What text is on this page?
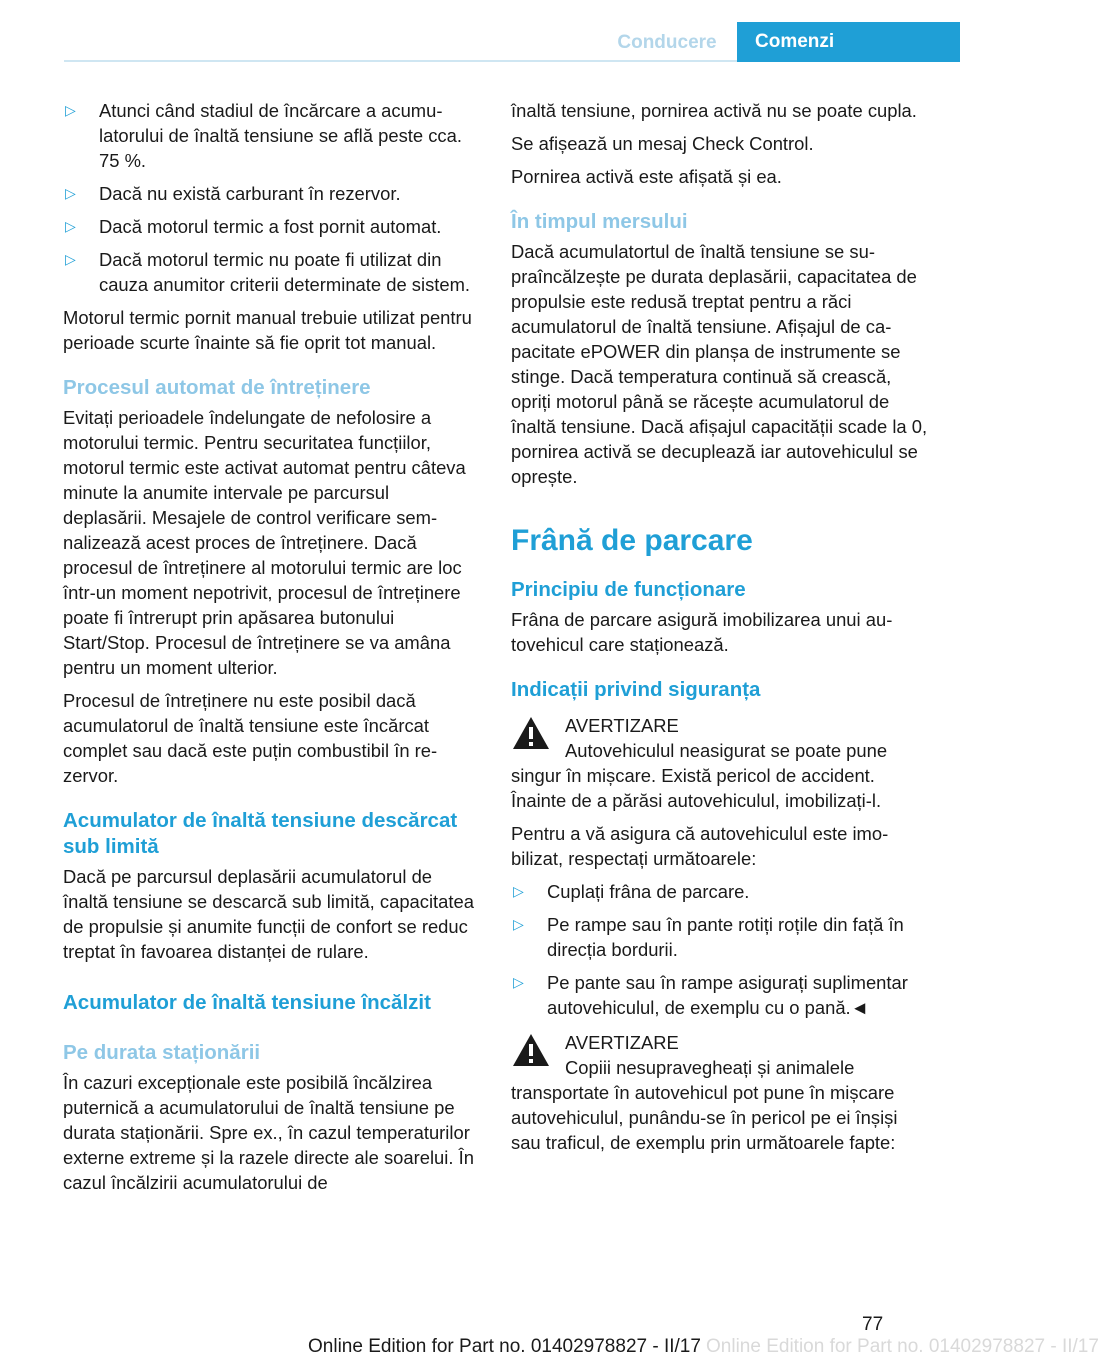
Conducere	Comenzi
▷	Atunci când stadiul de încărcare a acumulatorului de înaltă tensiune se află peste cca. 75 %.
▷	Dacă nu există carburant în rezervor.
▷	Dacă motorul termic a fost pornit automat.
▷	Dacă motorul termic nu poate fi utilizat din cauza anumitor criterii determinate de sistem.

Motorul termic pornit manual trebuie utilizat pentru perioade scurte înainte să fie oprit tot manual.

Procesul automat de întreținere

Evitați perioadele îndelungate de nefolosire a motorului termic. Pentru securitatea funcțiilor, motorul termic este activat automat pentru câteva minute la anumite intervale pe parcursul deplasării. Mesajele de control verificare semnalizează acest proces de întreținere. Dacă procesul de întreținere al motorului termic are loc într-un moment nepotrivit, procesul de întreținere poate fi întrerupt prin apăsarea butonului Start/Stop. Procesul de întreținere se va amâna pentru un moment ulterior.

Procesul de întreținere nu este posibil dacă acumulatorul de înaltă tensiune este încărcat complet sau dacă este puțin combustibil în rezervor.

Acumulator de înaltă tensiune descărcat sub limită

Dacă pe parcursul deplasării acumulatorul de înaltă tensiune se descarcă sub limită, capacitatea de propulsie și anumite funcții de confort se reduc treptat în favoarea distanței de rulare.

Acumulator de înaltă tensiune încălzit
Pe durata staționării

În cazuri excepționale este posibilă încălzirea puternică a acumulatorului de înaltă tensiune pe durata staționării. Spre ex., în cazul temperaturilor externe extreme și la razele directe ale soarelui. În cazul încălzirii acumulatorului de

înaltă tensiune, pornirea activă nu se poate cupla.

Se afișează un mesaj Check Control.

Pornirea activă este afișată și ea.

În timpul mersului

Dacă acumulatortul de înaltă tensiune se supraîncălzește pe durata deplasării, capacitatea de propulsie este redusă treptat pentru a răci acumulatorul de înaltă tensiune. Afișajul de capacitate ePOWER din planșa de instrumente se stinge. Dacă temperatura continuă să crească, opriți motorul până se răcește acumulatorul de înaltă tensiune. Dacă afișajul capacității scade la 0, pornirea activă se decuplează iar autovehiculul se oprește.

Frână de parcare
Principiu de funcționare

Frâna de parcare asigură imobilizarea unui autovehicul care staționează.

Indicații privind siguranța
AVERTIZARE
Autovehiculul neasigurat se poate pune

singur în mișcare. Există pericol de accident. Înainte de a părăsi autovehiculul, imobilizați-l.

Pentru a vă asigura că autovehiculul este imobilizat, respectați următoarele:

▷	Cuplați frâna de parcare.
▷	Pe rampe sau în pante rotiți roțile din față în direcția bordurii.
▷	Pe pante sau în rampe asigurați suplimentar autovehiculul, de exemplu cu o pană.◄
AVERTIZARE
Copiii nesupravegheați și animalele

transportate în autovehicul pot pune în mișcare autovehiculul, punându-se în pericol pe ei înșiși sau traficul, de exemplu prin următoarele fapte:

77
Online Edition for Part no. 01402978827 - II/17 Online Edition for Part no. 01402978827 - II/17
